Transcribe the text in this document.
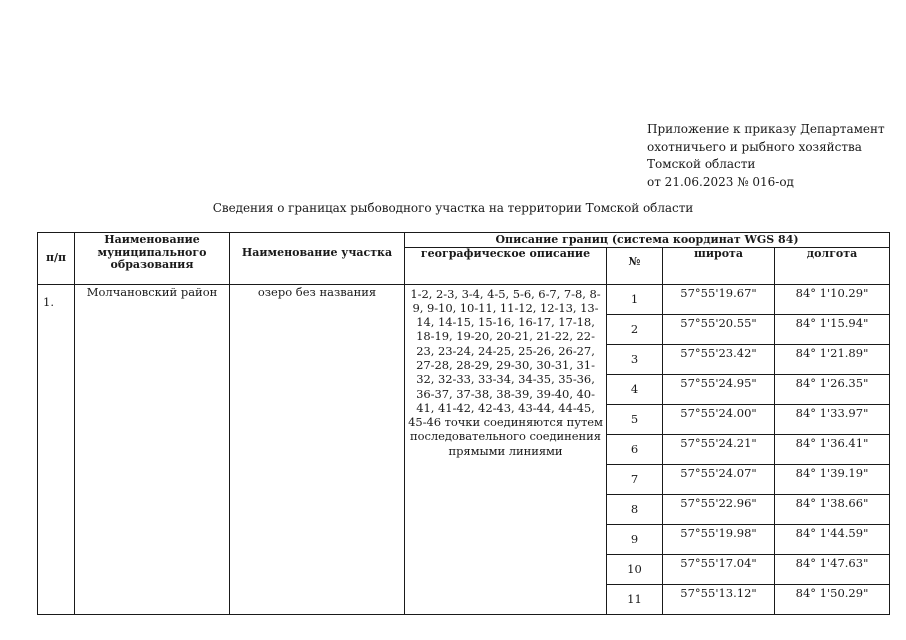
Приложение к приказу Департамент
охотничьего и рыбного хозяйства
Томской области
от 21.06.2023 № 016-од
Сведения о границах рыбоводного участка на территории Томской области
п/п	Наименование муниципального образования	Наименование участка	Описание границ (система координат WGS 84)			
			географическое описание	№	широта	долгота
1.	Молчановский район	озеро без названия	1-2, 2-3, 3-4, 4-5, 5-6, 6-7, 7-8, 8-9, 9-10, 10-11, 11-12, 12-13, 13-14, 14-15, 15-16, 16-17, 17-18, 18-19, 19-20, 20-21, 21-22, 22-23, 23-24, 24-25, 25-26, 26-27, 27-28, 28-29, 29-30, 30-31, 31-32, 32-33, 33-34, 34-35, 35-36, 36-37, 37-38, 38-39, 39-40, 40-41, 41-42, 42-43, 43-44, 44-45, 45-46 точки соединяются путем последовательного соединения прямыми линиями	1	57°55'19.67"	84° 1'10.29"
				2	57°55'20.55"	84° 1'15.94"
				3	57°55'23.42"	84° 1'21.89"
				4	57°55'24.95"	84° 1'26.35"
				5	57°55'24.00"	84° 1'33.97"
				6	57°55'24.21"	84° 1'36.41"
				7	57°55'24.07"	84° 1'39.19"
				8	57°55'22.96"	84° 1'38.66"
				9	57°55'19.98"	84° 1'44.59"
				10	57°55'17.04"	84° 1'47.63"
				11	57°55'13.12"	84° 1'50.29"
